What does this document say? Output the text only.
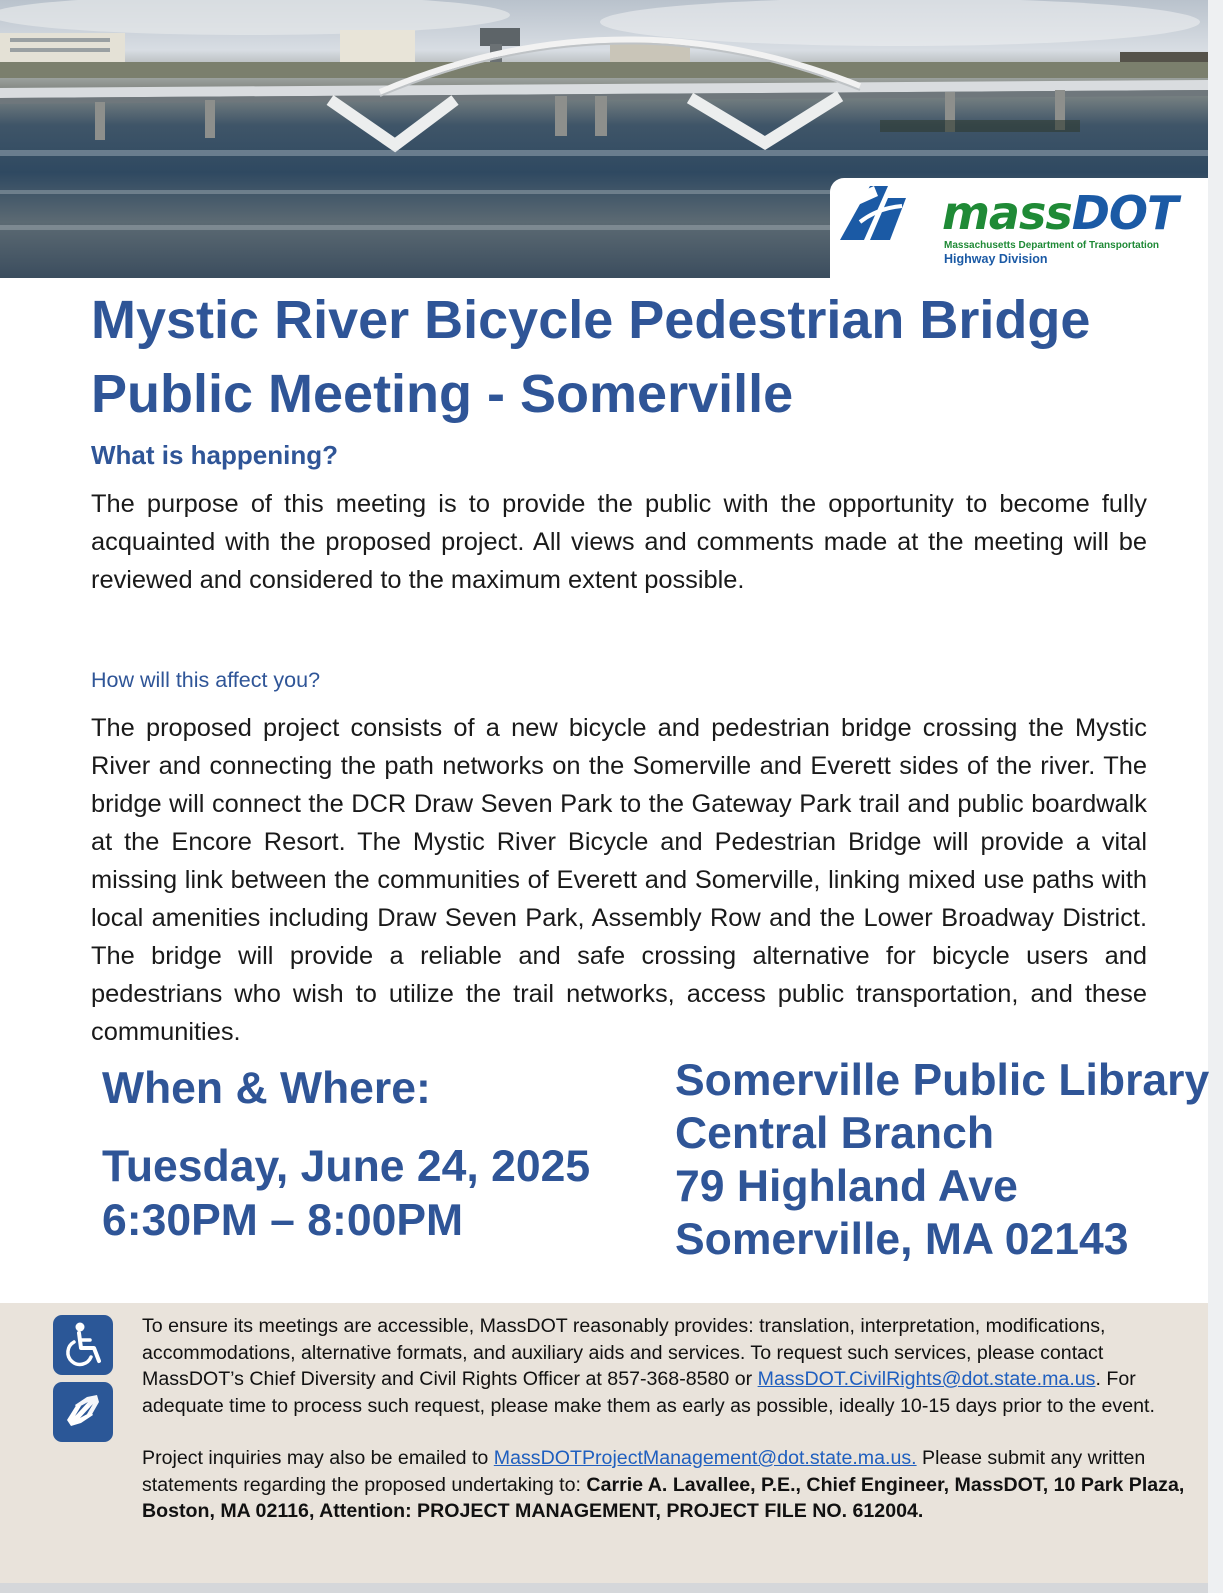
massDOT
Massachusetts Department of Transportation
Highway Division
Mystic River Bicycle Pedestrian Bridge
Public Meeting - Somerville
What is happening?
The purpose of this meeting is to provide the public with the opportunity to become fully acquainted with the proposed project. All views and comments made at the meeting will be reviewed and considered to the maximum extent possible.
How will this affect you?
The proposed project consists of a new bicycle and pedestrian bridge crossing the Mystic River and connecting the path networks on the Somerville and Everett sides of the river. The bridge will connect the DCR Draw Seven Park to the Gateway Park trail and public boardwalk at the Encore Resort. The Mystic River Bicycle and Pedestrian Bridge will provide a vital missing link between the communities of Everett and Somerville, linking mixed use paths with local amenities including Draw Seven Park, Assembly Row and the Lower Broadway District. The bridge will provide a reliable and safe crossing alternative for bicycle users and pedestrians who wish to utilize the trail networks, access public transportation, and these communities.
When & Where:
Tuesday, June 24, 2025
6:30PM – 8:00PM
Somerville Public Library
Central Branch
79 Highland Ave
Somerville, MA 02143

To ensure its meetings are accessible, MassDOT reasonably provides: translation, interpretation, modifications, accommodations, alternative formats, and auxiliary aids and services. To request such services, please contact MassDOT’s Chief Diversity and Civil Rights Officer at 857-368-8580 or MassDOT.CivilRights@dot.state.ma.us. For adequate time to process such request, please make them as early as possible, ideally 10-15 days prior to the event.

Project inquiries may also be emailed to MassDOTProjectManagement@dot.state.ma.us. Please submit any written statements regarding the proposed undertaking to: Carrie A. Lavallee, P.E., Chief Engineer, MassDOT, 10 Park Plaza, Boston, MA 02116, Attention: PROJECT MANAGEMENT, PROJECT FILE NO. 612004.
